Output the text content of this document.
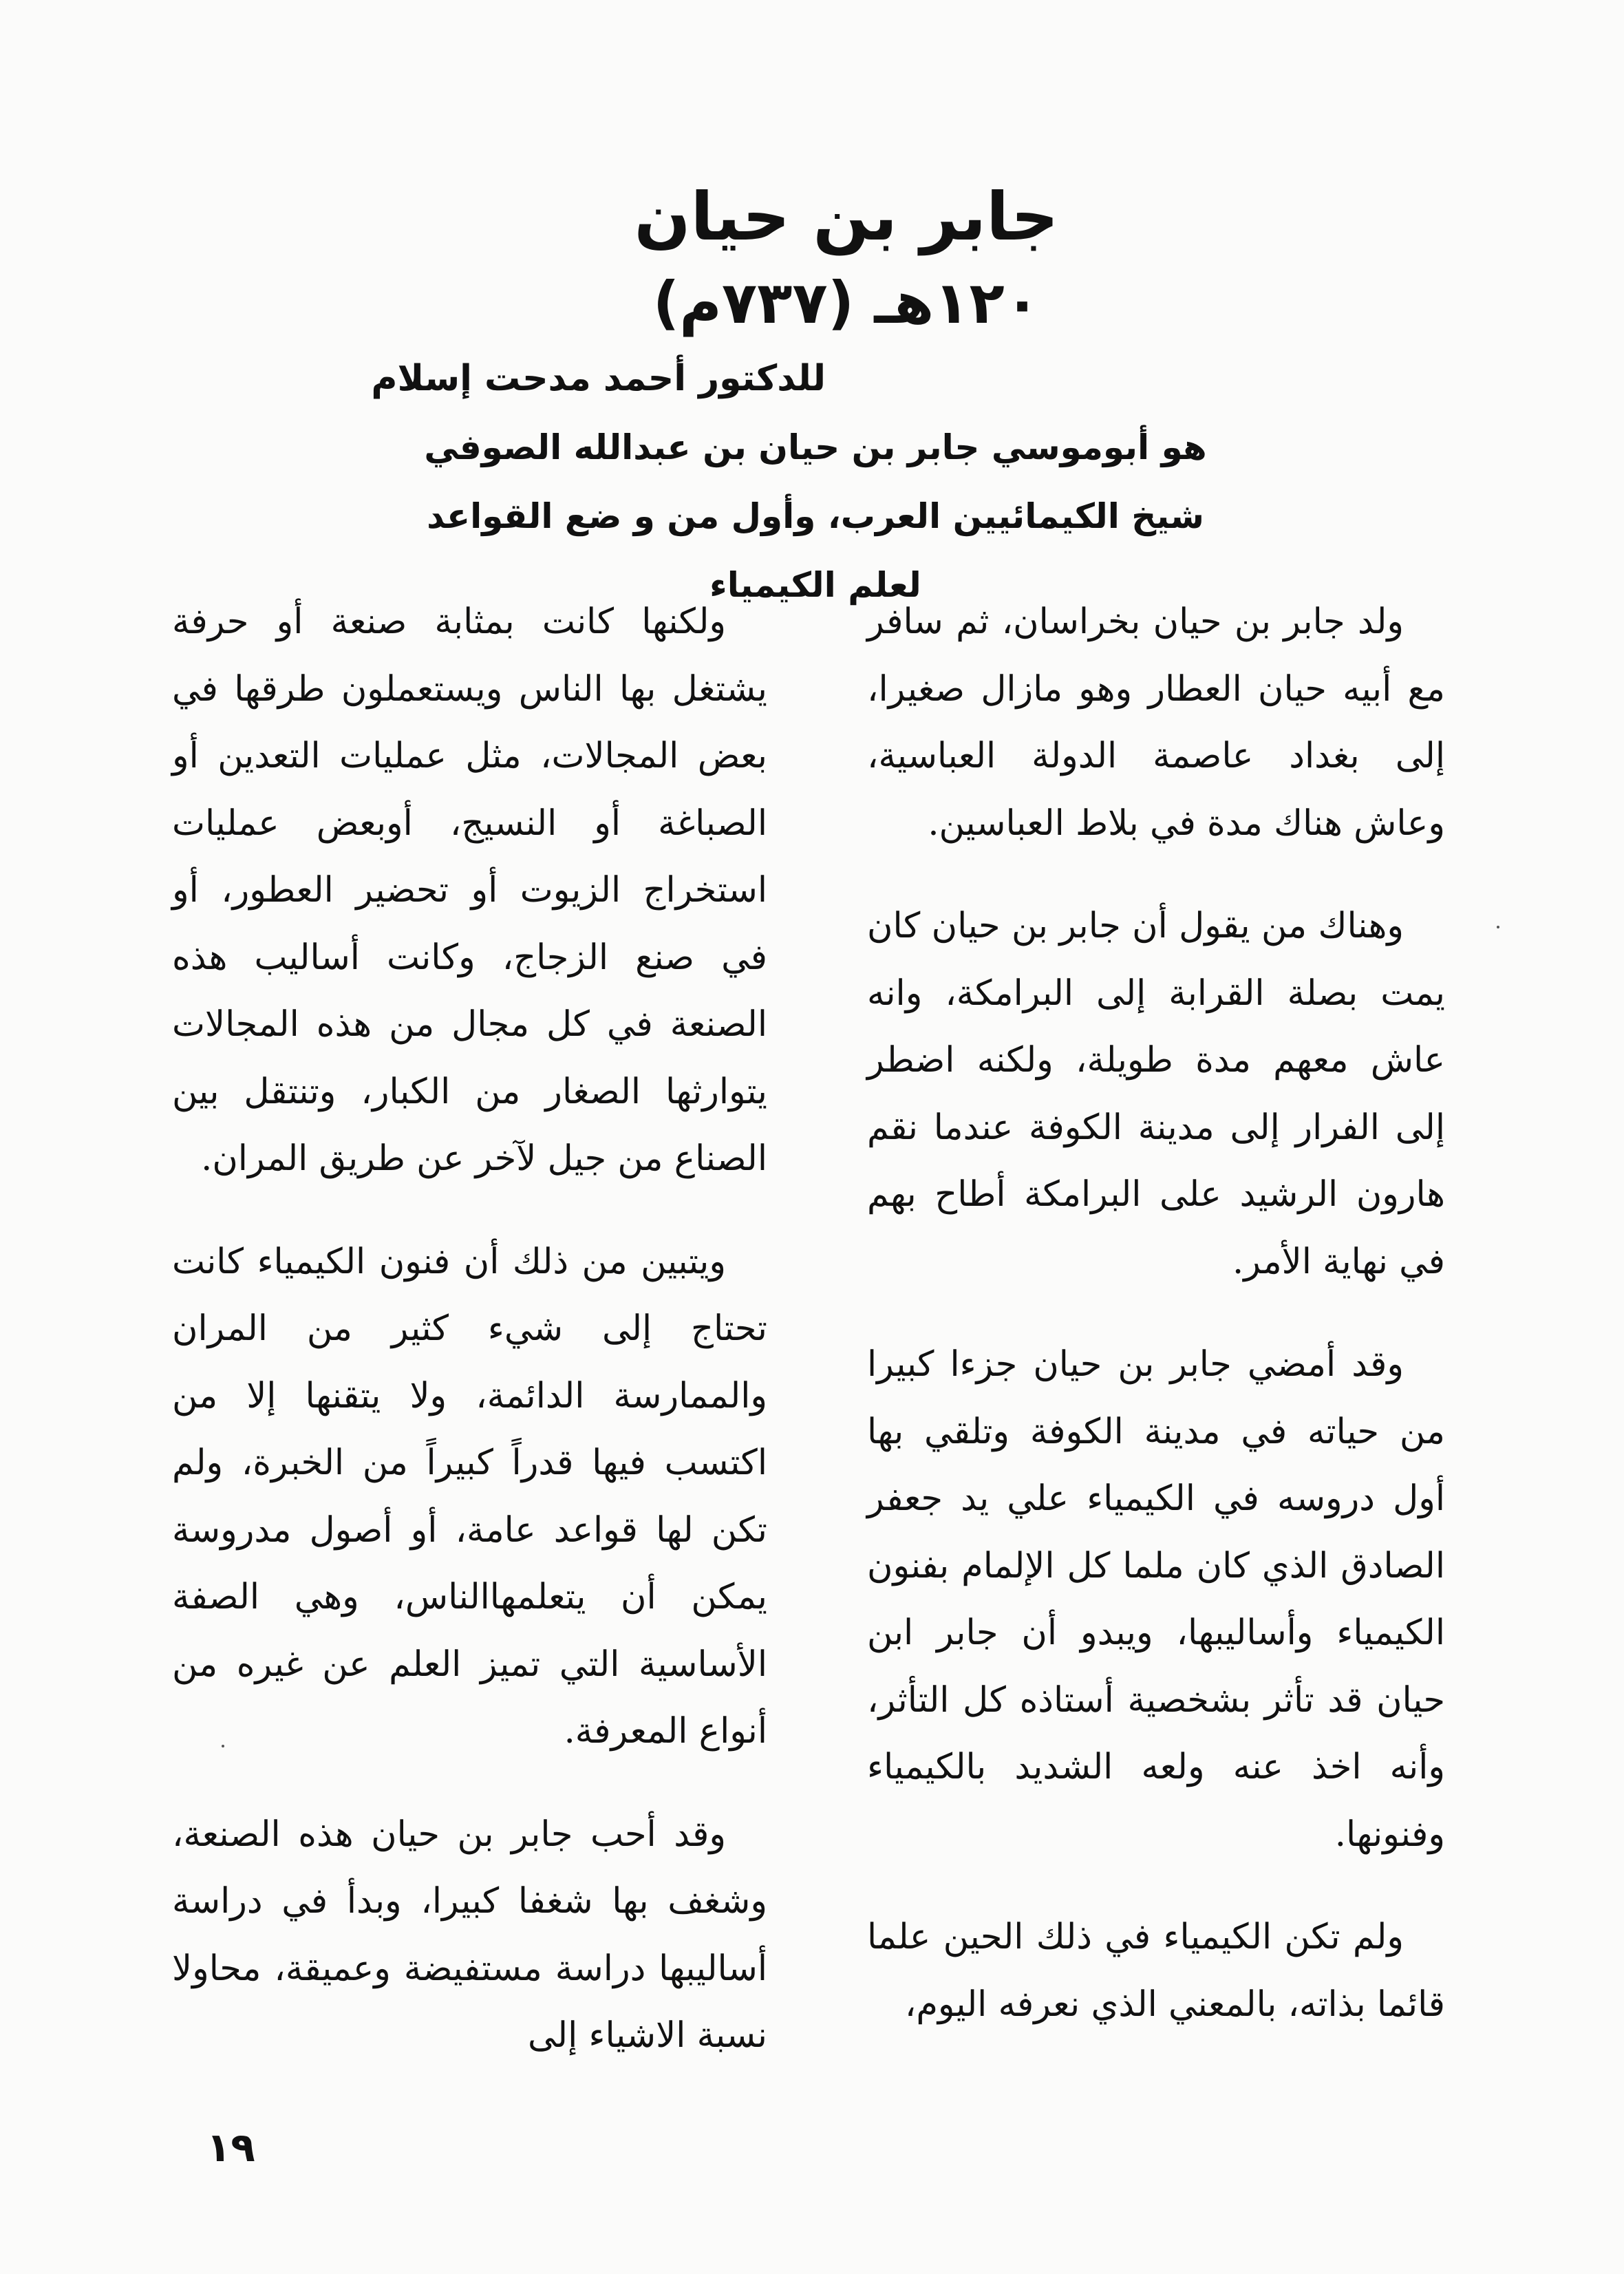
جابر بن حيان
١٢٠هـ (٧٣٧م)

للدكتور أحمد مدحت إسلام

هو أبوموسي جابر بن حيان بن عبدالله الصوفي

شيخ الكيمائيين العرب، وأول من و ضع القواعد لعلم الكيمياء

ولد جابر بن حيان بخراسان، ثم سافر مع أبيه حيان العطار وهو مازال صغيرا، إلى بغداد عاصمة الدولة العباسية، وعاش هناك مدة في بلاط العباسين.

وهناك من يقول أن جابر بن حيان كان يمت بصلة القرابة إلى البرامكة، وانه عاش معهم مدة طويلة، ولكنه اضطر إلى الفرار إلى مدينة الكوفة عندما نقم هارون الرشيد على البرامكة أطاح بهم في نهاية الأمر.

وقد أمضي جابر بن حيان جزءا كبيرا من حياته في مدينة الكوفة وتلقي بها أول دروسه في الكيمياء علي يد جعفر الصادق الذي كان ملما كل الإلمام بفنون الكيمياء وأساليبها، ويبدو أن جابر ابن حيان قد تأثر بشخصية أستاذه كل التأثر، وأنه اخذ عنه ولعه الشديد بالكيمياء وفنونها.

ولم تكن الكيمياء في ذلك الحين علما قائما بذاته، بالمعني الذي نعرفه اليوم،

ولكنها كانت بمثابة صنعة أو حرفة يشتغل بها الناس ويستعملون طرقها في بعض المجالات، مثل عمليات التعدين أو الصباغة أو النسيج، أوبعض عمليات استخراج الزيوت أو تحضير العطور، أو في صنع الزجاج، وكانت أساليب هذه الصنعة في كل مجال من هذه المجالات يتوارثها الصغار من الكبار، وتنتقل بين الصناع من جيل لآخر عن طريق المران.

ويتبين من ذلك أن فنون الكيمياء كانت تحتاج إلى شيء كثير من المران والممارسة الدائمة، ولا يتقنها إلا من اكتسب فيها قدراً كبيراً من الخبرة، ولم تكن لها قواعد عامة، أو أصول مدروسة يمكن أن يتعلمهاالناس، وهي الصفة الأساسية التي تميز العلم عن غيره من أنواع المعرفة.

وقد أحب جابر بن حيان هذه الصنعة، وشغف بها شغفا كبيرا، وبدأ في دراسة أساليبها دراسة مستفيضة وعميقة، محاولا نسبة الاشياء إلى

١٩
